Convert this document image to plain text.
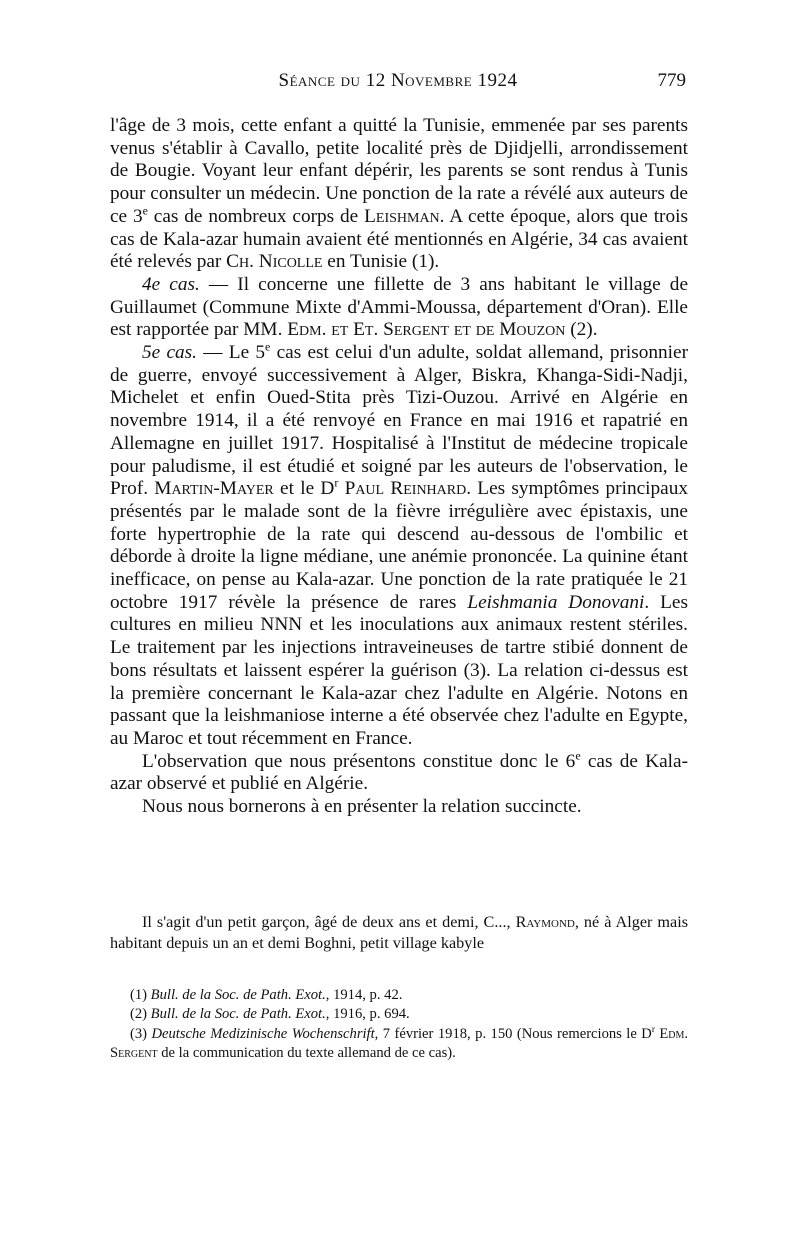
Séance du 12 Novembre 1924	779

l'âge de 3 mois, cette enfant a quitté la Tunisie, emmenée par ses parents venus s'établir à Cavallo, petite localité près de Djidjelli, arrondissement de Bougie. Voyant leur enfant dépérir, les parents se sont rendus à Tunis pour consulter un médecin. Une ponction de la rate a révélé aux auteurs de ce 3e cas de nombreux corps de Leishman. A cette époque, alors que trois cas de Kala-azar humain avaient été mentionnés en Algérie, 34 cas avaient été relevés par Ch. Nicolle en Tunisie (1).

4e cas. — Il concerne une fillette de 3 ans habitant le village de Guillaumet (Commune Mixte d'Ammi-Moussa, département d'Oran). Elle est rapportée par MM. Edm. et Et. Sergent et de Mouzon (2).

5e cas. — Le 5e cas est celui d'un adulte, soldat allemand, prisonnier de guerre, envoyé successivement à Alger, Biskra, Khanga-Sidi-Nadji, Michelet et enfin Oued-Stita près Tizi-Ouzou. Arrivé en Algérie en novembre 1914, il a été renvoyé en France en mai 1916 et rapatrié en Allemagne en juillet 1917. Hospitalisé à l'Institut de médecine tropicale pour paludisme, il est étudié et soigné par les auteurs de l'observation, le Prof. Martin-Mayer et le $D^r$ Paul Reinhard. Les symptômes principaux présentés par le malade sont de la fièvre irrégulière avec épistaxis, une forte hypertrophie de la rate qui descend au-dessous de l'ombilic et déborde à droite la ligne médiane, une anémie prononcée. La quinine étant inefficace, on pense au Kala-azar. Une ponction de la rate pratiquée le 21 octobre 1917 révèle la présence de rares Leishmania Donovani. Les cultures en milieu NNN et les inoculations aux animaux restent stériles. Le traitement par les injections intraveineuses de tartre stibié donnent de bons résultats et laissent espérer la guérison (3). La relation ci-dessus est la première concernant le Kala-azar chez l'adulte en Algérie. Notons en passant que la leishmaniose interne a été observée chez l'adulte en Egypte, au Maroc et tout récemment en France.

L'observation que nous présentons constitue donc le 6e cas de Kala-azar observé et publié en Algérie.

Nous nous bornerons à en présenter la relation succincte.

Il s'agit d'un petit garçon, âgé de deux ans et demi, C..., Raymond, né à Alger mais habitant depuis un an et demi Boghni, petit village kabyle

(1) Bull. de la Soc. de Path. Exot., 1914, p. 42.

(2) Bull. de la Soc. de Path. Exot., 1916, p. 694.

(3) Deutsche Medizinische Wochenschrift, 7 février 1918, p. 150 (Nous remercions le $D^r$ Edm. Sergent de la communication du texte allemand de ce cas).
